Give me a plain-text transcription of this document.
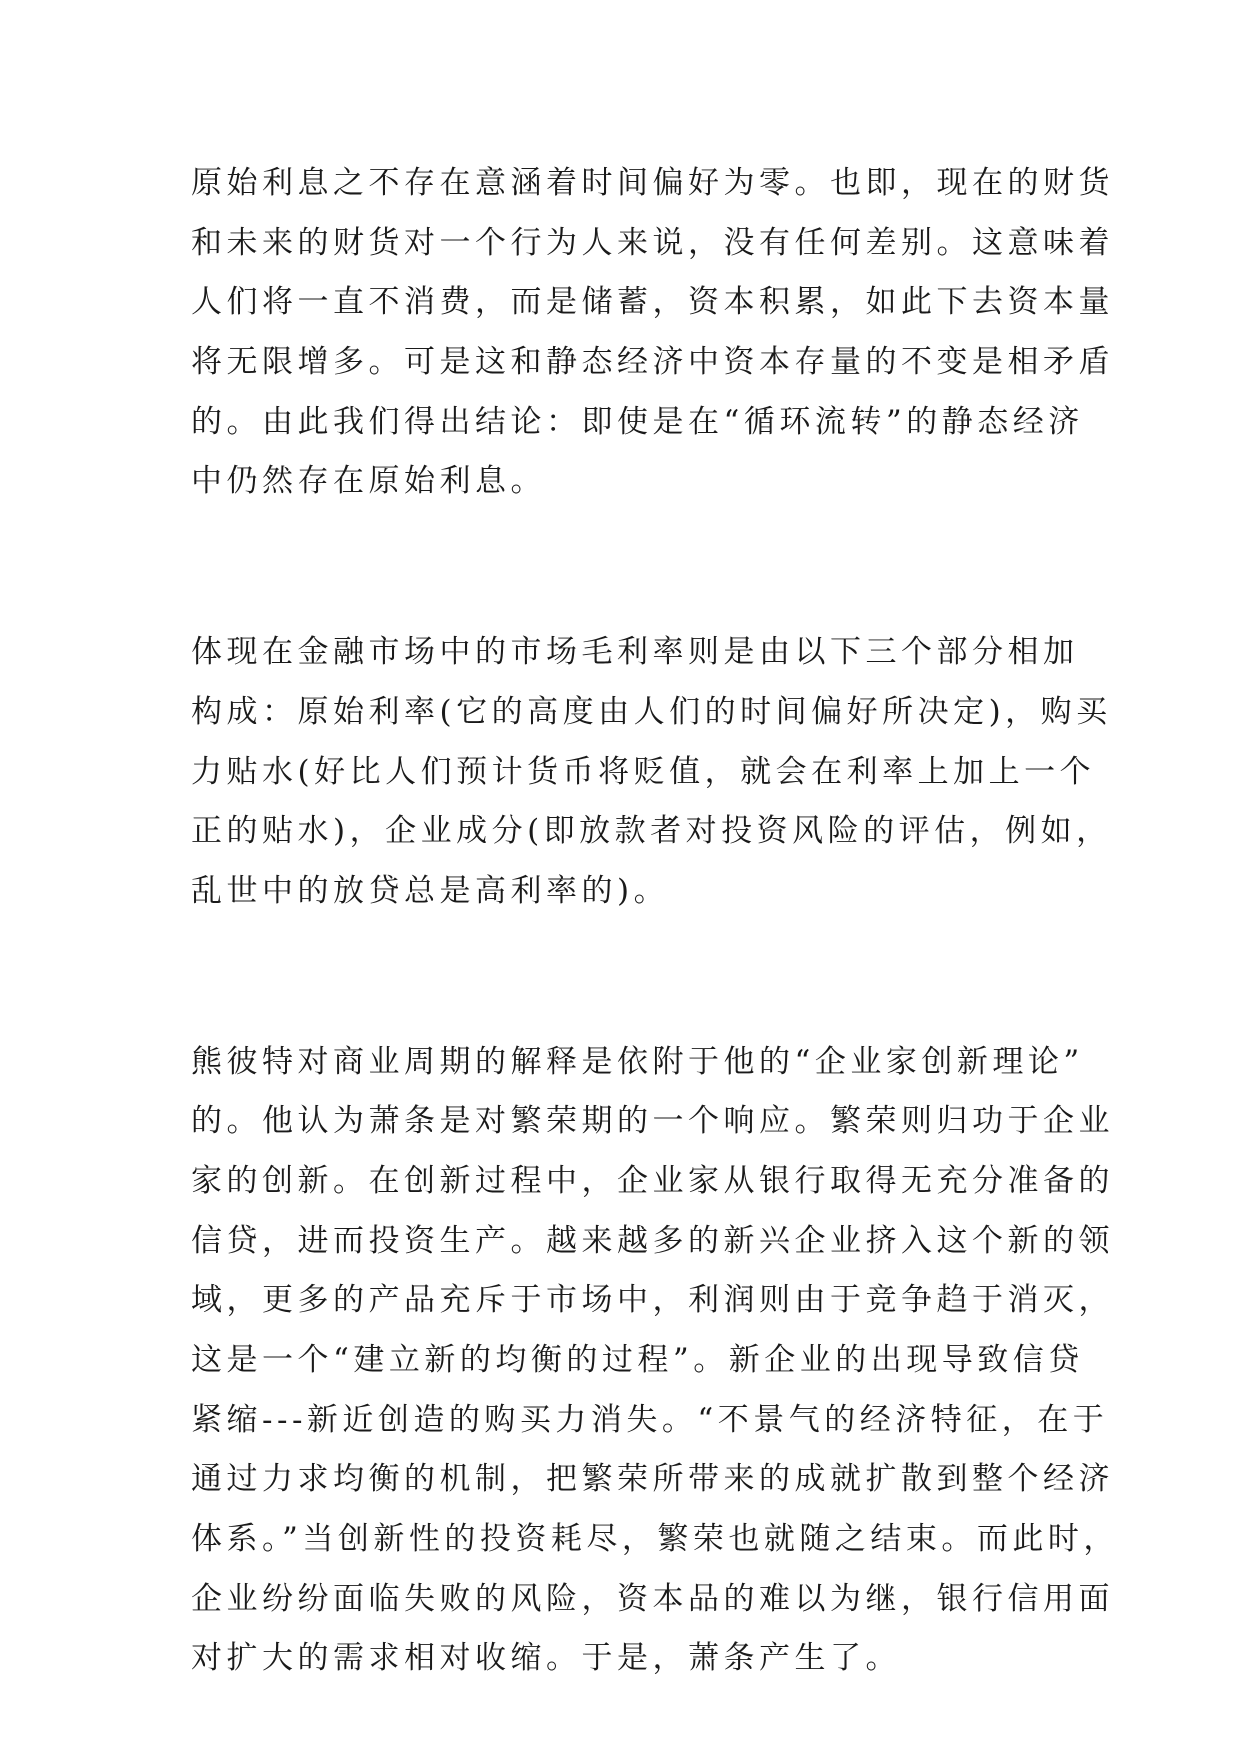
原始利息之不存在意涵着时间偏好为零。也即，现在的财货
和未来的财货对一个行为人来说，没有任何差别。这意味着
人们将一直不消费，而是储蓄，资本积累，如此下去资本量
将无限增多。可是这和静态经济中资本存量的不变是相矛盾
的。由此我们得出结论：即使是在“循环流转”的静态经济
中仍然存在原始利息。
体现在金融市场中的市场毛利率则是由以下三个部分相加
构成：原始利率(它的高度由人们的时间偏好所决定)，购买
力贴水(好比人们预计货币将贬值，就会在利率上加上一个
正的贴水)，企业成分(即放款者对投资风险的评估，例如，
乱世中的放贷总是高利率的)。
熊彼特对商业周期的解释是依附于他的“企业家创新理论”
的。他认为萧条是对繁荣期的一个响应。繁荣则归功于企业
家的创新。在创新过程中，企业家从银行取得无充分准备的
信贷，进而投资生产。越来越多的新兴企业挤入这个新的领
域，更多的产品充斥于市场中，利润则由于竞争趋于消灭，
这是一个“建立新的均衡的过程”。新企业的出现导致信贷
紧缩---新近创造的购买力消失。“不景气的经济特征，在于
通过力求均衡的机制，把繁荣所带来的成就扩散到整个经济
体系。”当创新性的投资耗尽，繁荣也就随之结束。而此时，
企业纷纷面临失败的风险，资本品的难以为继，银行信用面
对扩大的需求相对收缩。于是，萧条产生了。
